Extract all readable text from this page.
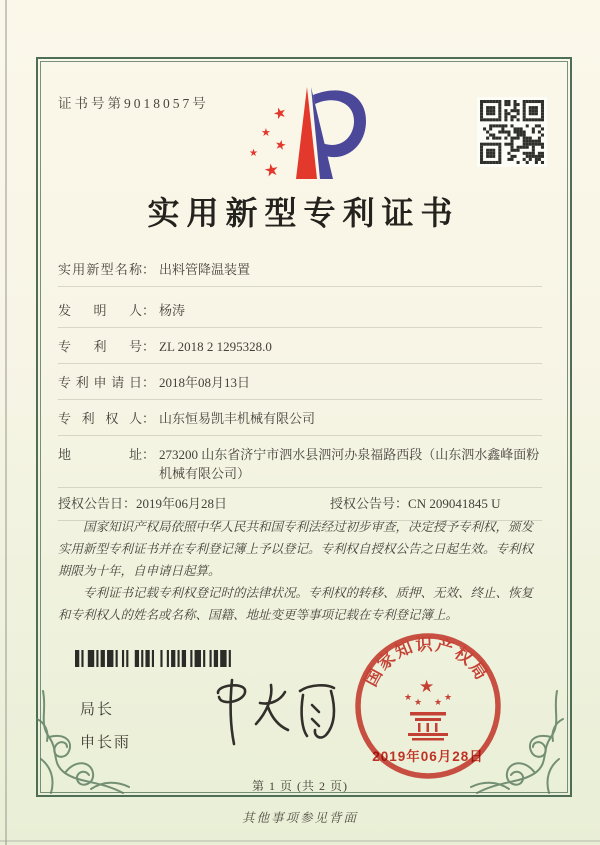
证书号第9018057号
★
★
★
★
★
实用新型专利证书
实用新型名称 ： 出料管降温装置
发明人 ： 杨涛
专利号 ： ZL 2018 2 1295328.0
专利申请日 ： 2018年08月13日
专利权人 ： 山东恒易凯丰机械有限公司
地址 ： 273200 山东省济宁市泗水县泗河办泉福路西段（山东泗水鑫峰面粉机械有限公司）
授权公告日：2019年06月28日	授权公告号：CN 209041845 U

国家知识产权局依照中华人民共和国专利法经过初步审查，决定授予专利权，颁发实用新型专利证书并在专利登记簿上予以登记。专利权自授权公告之日起生效。专利权期限为十年，自申请日起算。

专利证书记载专利权登记时的法律状况。专利权的转移、质押、无效、终止、恢复和专利权人的姓名或名称、国籍、地址变更等事项记载在专利登记簿上。

局长
申长雨
国家知识产权局
★
★ ★ ★ ★
2019年06月28日
第 1 页 (共 2 页)
其他事项参见背面
